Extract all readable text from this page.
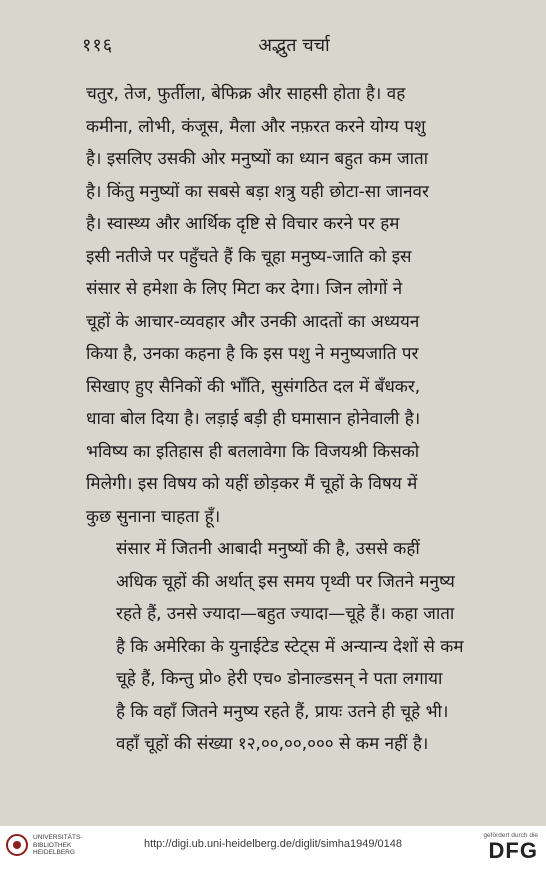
११६	अद्भुत चर्चा

चतुर, तेज, फुर्तीला, बेफिक्र और साहसी होता है। वह
कमीना, लोभी, कंजूस, मैला और नफ़रत करने योग्य पशु
है। इसलिए उसकी ओर मनुष्यों का ध्यान बहुत कम जाता
है। किंतु मनुष्यों का सबसे बड़ा शत्रु यही छोटा-सा जानवर
है। स्वास्थ्य और आर्थिक दृष्टि से विचार करने पर हम
इसी नतीजे पर पहुँचते हैं कि चूहा मनुष्य-जाति को इस
संसार से हमेशा के लिए मिटा कर देगा। जिन लोगों ने
चूहों के आचार-व्यवहार और उनकी आदतों का अध्ययन
किया है, उनका कहना है कि इस पशु ने मनुष्यजाति पर
सिखाए हुए सैनिकों की भाँति, सुसंगठित दल में बँधकर,
धावा बोल दिया है। लड़ाई बड़ी ही घमासान होनेवाली है।
भविष्य का इतिहास ही बतलावेगा कि विजयश्री किसको
मिलेगी। इस विषय को यहीं छोड़कर मैं चूहों के विषय में
कुछ सुनाना चाहता हूँ।

संसार में जितनी आबादी मनुष्यों की है, उससे कहीं
अधिक चूहों की अर्थात् इस समय पृथ्वी पर जितने मनुष्य
रहते हैं, उनसे ज्यादा—बहुत ज्यादा—चूहे हैं। कहा जाता
है कि अमेरिका के युनाईटेड स्टेट्स में अन्यान्य देशों से कम
चूहे हैं, किन्तु प्रो० हेरी एच० डोनाल्डसन् ने पता लगाया
है कि वहाँ जितने मनुष्य रहते हैं, प्रायः उतने ही चूहे भी।
वहाँ चूहों की संख्या १२,००,००,००० से कम नहीं है।

UNIVERSITÄTS-
BIBLIOTHEK
HEIDELBERG
http://digi.ub.uni-heidelberg.de/diglit/simha1949/0148
gefördert durch die
DFG
